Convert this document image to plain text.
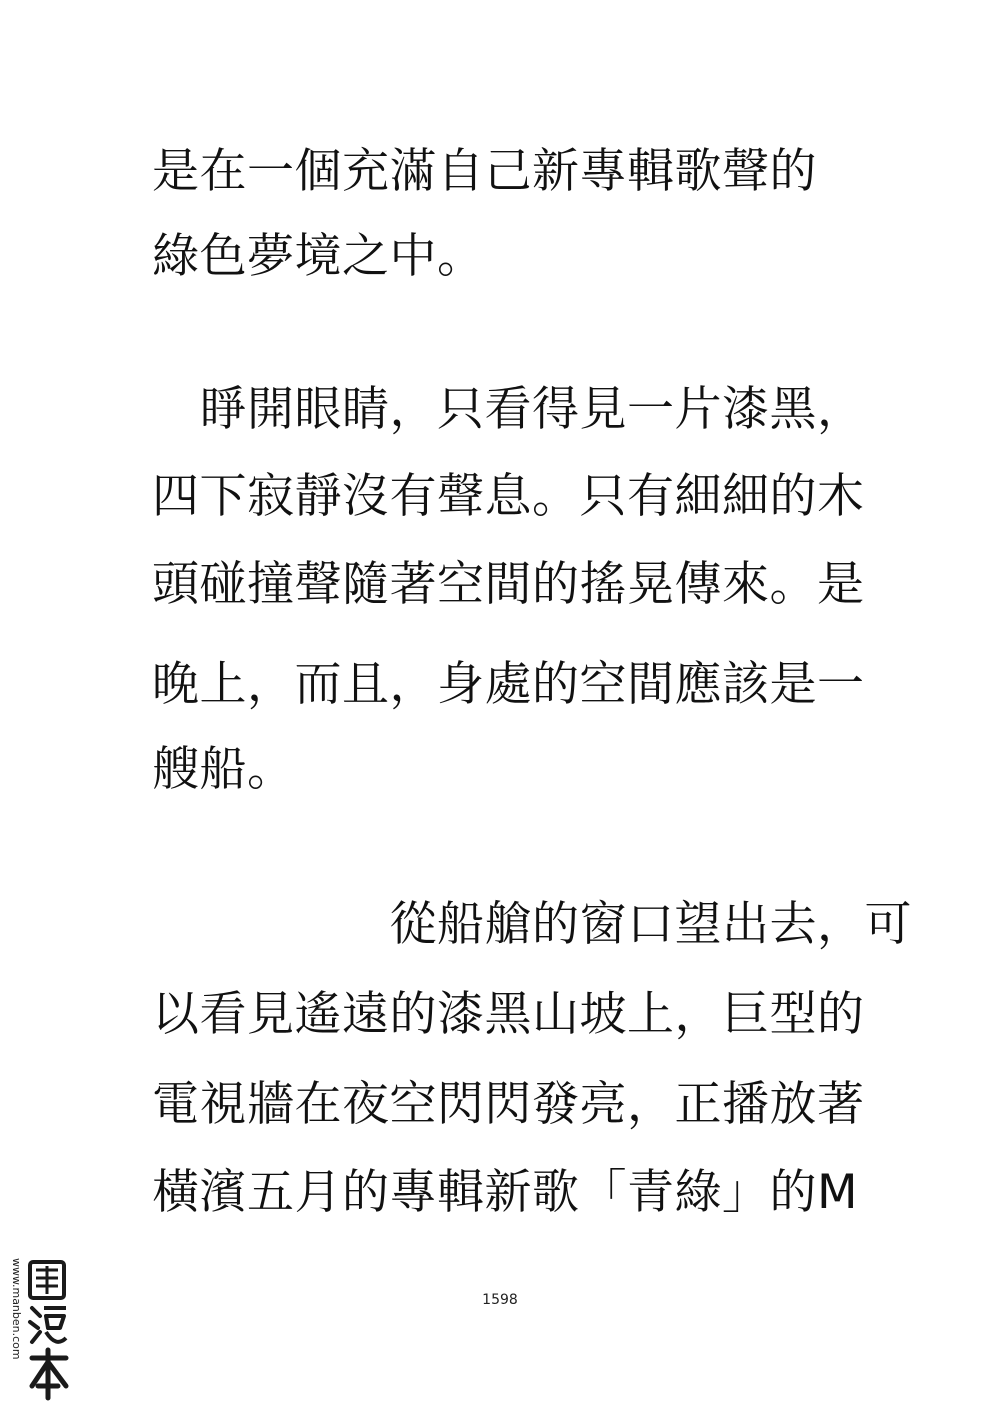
是在一個充滿自己新專輯歌聲的
綠色夢境之中。
　睜開眼睛，只看得見一片漆黑，
四下寂靜沒有聲息。只有細細的木
頭碰撞聲隨著空間的搖晃傳來。是
晚上，而且，身處的空間應該是一
艘船。
　　　　　從船艙的窗口望出去，可
以看見遙遠的漆黑山坡上，巨型的
電視牆在夜空閃閃發亮，正播放著
橫濱五月的專輯新歌「青綠」的M
1598
www.manben.com
